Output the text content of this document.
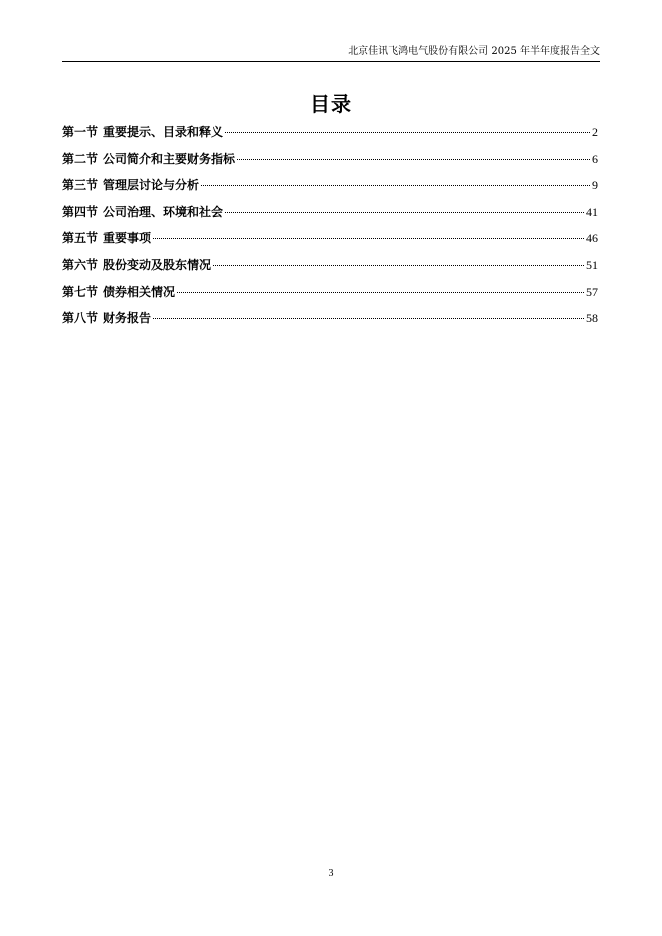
北京佳讯飞鸿电气股份有限公司 2025 年半年度报告全文
目录
第一节 重要提示、目录和释义	2
第二节 公司简介和主要财务指标	6
第三节 管理层讨论与分析	9
第四节 公司治理、环境和社会	41
第五节 重要事项	46
第六节 股份变动及股东情况	51
第七节 债券相关情况	57
第八节 财务报告	58
3
